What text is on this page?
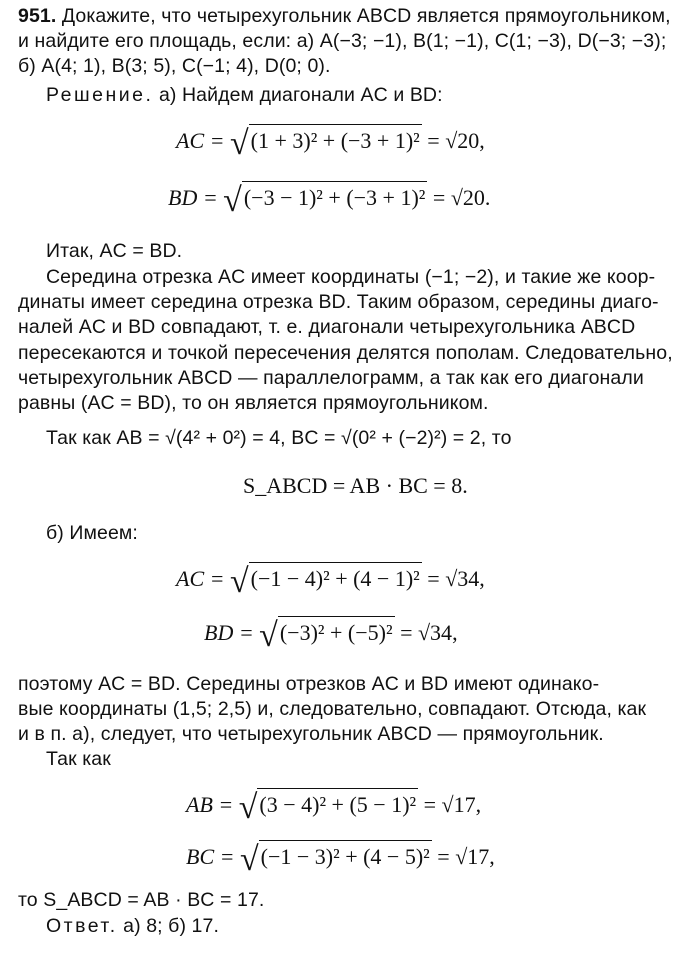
951. Докажите, что четырехугольник ABCD является прямоугольником,
и найдите его площадь, если: а) A(−3; −1), B(1; −1), C(1; −3), D(−3; −3);
б) A(4; 1), B(3; 5), C(−1; 4), D(0; 0).
Решение. а) Найдем диагонали AC и BD:
AC = √(1 + 3)² + (−3 + 1)² = √20,
BD = √(−3 − 1)² + (−3 + 1)² = √20.
Итак, AC = BD.
Середина отрезка AC имеет координаты (−1; −2), и такие же коор-
динаты имеет середина отрезка BD. Таким образом, середины диаго-
налей AC и BD совпадают, т. е. диагонали четырехугольника ABCD
пересекаются и точкой пересечения делятся пополам. Следовательно,
четырехугольник ABCD — параллелограмм, а так как его диагонали
равны (AC = BD), то он является прямоугольником.
Так как AB = √(4² + 0²) = 4, BC = √(0² + (−2)²) = 2, то
S_ABCD = AB · BC = 8.
б) Имеем:
AC = √(−1 − 4)² + (4 − 1)² = √34,
BD = √(−3)² + (−5)² = √34,
поэтому AC = BD. Середины отрезков AC и BD имеют одинако-
вые координаты (1,5; 2,5) и, следовательно, совпадают. Отсюда, как
и в п. а), следует, что четырехугольник ABCD — прямоугольник.
Так как
AB = √(3 − 4)² + (5 − 1)² = √17,
BC = √(−1 − 3)² + (4 − 5)² = √17,
то S_ABCD = AB · BC = 17.
Ответ. а) 8; б) 17.
